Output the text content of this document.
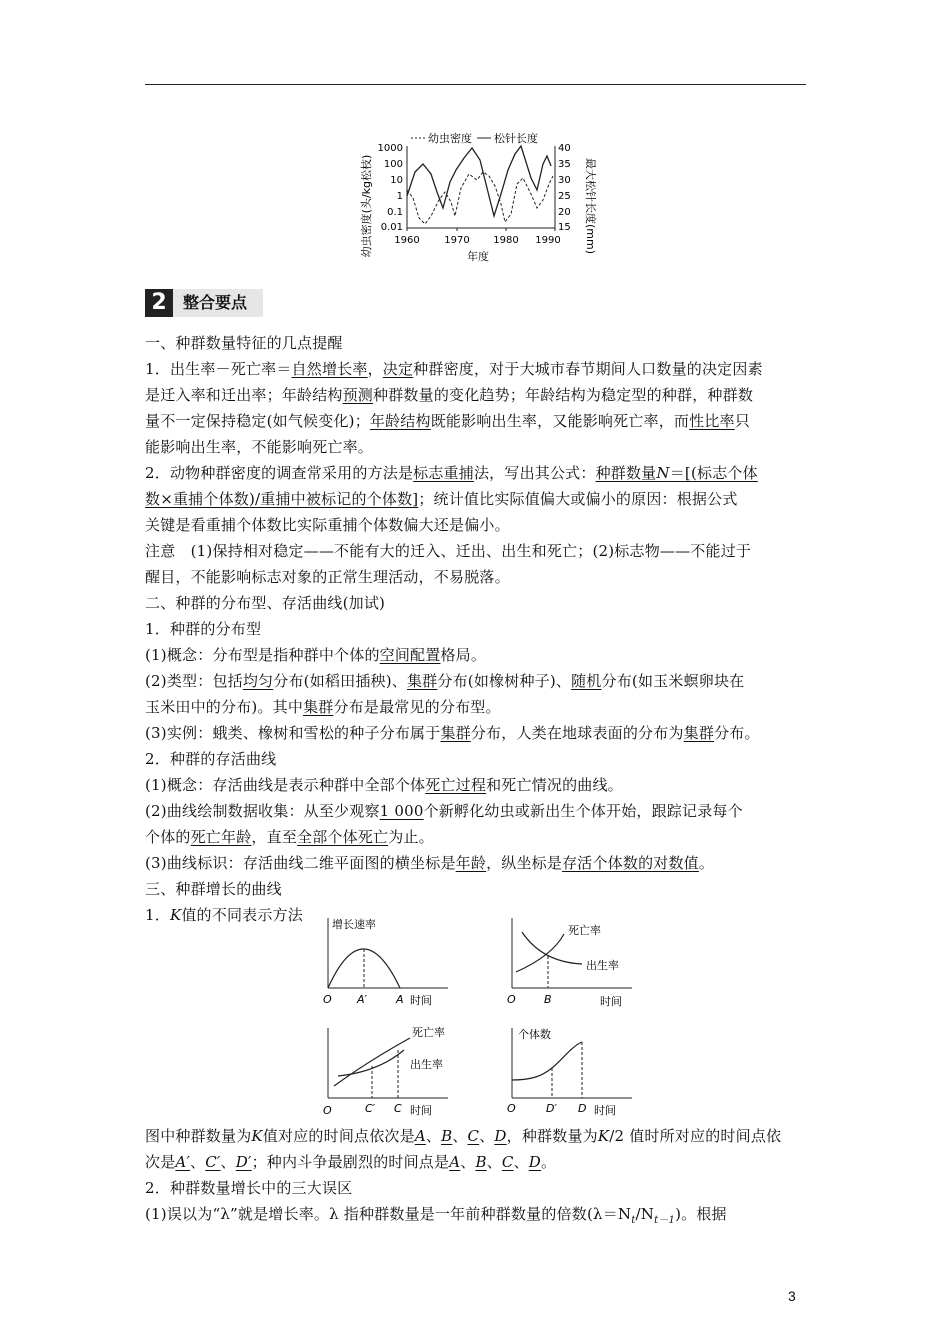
幼虫密度 松针长度
幼虫密度(头/kg松枝)	最大松针长度(mm)
1000
100
10
1
0.1
0.01
40
35
30
25
20
15
1960 1970 1980 1990
年度
2	整合要点
一、种群数量特征的几点提醒
1．出生率－死亡率＝自然增长率，决定种群密度，对于大城市春节期间人口数量的决定因素
是迁入率和迁出率；年龄结构预测种群数量的变化趋势；年龄结构为稳定型的种群，种群数
量不一定保持稳定(如气候变化)；年龄结构既能影响出生率，又能影响死亡率，而性比率只
能影响出生率，不能影响死亡率。
2．动物种群密度的调查常采用的方法是标志重捕法，写出其公式：种群数量N＝[(标志个体
数×重捕个体数)/重捕中被标记的个体数]；统计值比实际值偏大或偏小的原因：根据公式
关键是看重捕个体数比实际重捕个体数偏大还是偏小。
注意　(1)保持相对稳定——不能有大的迁入、迁出、出生和死亡；(2)标志物——不能过于
醒目，不能影响标志对象的正常生理活动，不易脱落。
二、种群的分布型、存活曲线(加试)
1．种群的分布型
(1)概念：分布型是指种群中个体的空间配置格局。
(2)类型：包括均匀分布(如稻田插秧)、集群分布(如橡树种子)、随机分布(如玉米螟卵块在
玉米田中的分布)。其中集群分布是最常见的分布型。
(3)实例：蛾类、橡树和雪松的种子分布属于集群分布，人类在地球表面的分布为集群分布。
2．种群的存活曲线
(1)概念：存活曲线是表示种群中全部个体死亡过程和死亡情况的曲线。
(2)曲线绘制数据收集：从至少观察1 000个新孵化幼虫或新出生个体开始，跟踪记录每个
个体的死亡年龄，直至全部个体死亡为止。
(3)曲线标识：存活曲线二维平面图的横坐标是年龄，纵坐标是存活个体数的对数值。
三、种群增长的曲线
1．K值的不同表示方法
增长速率
O A′	A 时间
死亡率
出生率
O	B	时间
死亡率
出生率
O	C′ C 时间
个体数
O	D′ D 时间
图中种群数量为K值对应的时间点依次是A、B、C、D，种群数量为K/2 值时所对应的时间点依
次是A′、C′、D′；种内斗争最剧烈的时间点是A、B、C、D。
2．种群数量增长中的三大误区
(1)误以为“λ”就是增长率。λ 指种群数量是一年前种群数量的倍数$(\lambda=N_t/N_{t-1})$。根据
3
